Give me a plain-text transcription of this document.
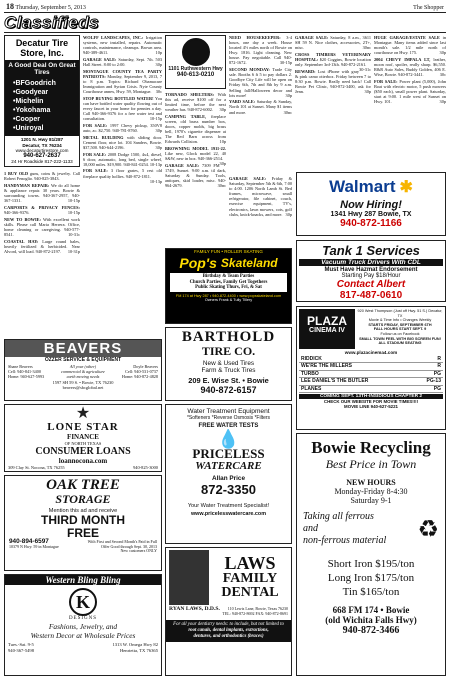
18 Thursday, September 5, 2013	The Shopper
Classifieds
Decatur Tire Store, Inc.
A Good Deal On Great Tires
•BFGoodrich
•Goodyear
•Michelin
•Yokohama
•Cooper
•Uniroyal
1201 N. Hwy 81/287
Decatur, TX 76234
www.decaturtirestore.com
940-627-2637
24 Hr Roadside 817-222-1133

1 BUY OLD guns, coins & jewelry. Call Robert Fenoglio. 940-825-3843.

HANDYMAN REPAIR: We do all home & appliance repair. 30 years. Bowie & surrounding towns. 940-367-2957, 940-367-1331.	10-15p

CARPORTS & PRIVACY FENCES: 940-366-9376.	10-15p

NEW TO BOWIE: With excellent work skills. Please call Maria Herrera. Office, home cleaning or caregiving. 940-577-8541.	10-31c

COASTAL HAY: Large round bales, heavily fertilized & herbicided. Near Alvord, will load. 940-872-2197. 10-31p

WOLFF LANDSCAPES, INC.: Irrigation systems, new installed, repairs. Automatic controls, maintenance, cleanups. Brown area. 940-389-4611.	10p

GARAGE SALE: Saturday, Sept. 7th. 503 Hall Street. 8:00 to 2:00.	30p

MONTAGUE COUNTY TEA PARTY PATRIOTS: Monday, September 9, 2013, 7 to 8 p.m. Topics: Richard Obamacare Immigration and Syrian Crisis. Nyte County Courthouse annex, Hwy. 59, Montague. 30c

STOP BUYING BOTTLED WATER! You can have bottled water quality flowing out of every faucet in your home for pennies a day. Call 940-366-9376 for a free water test and consultation.	10-15p

FOR SALE: 1997 Chevy pickup, 350V8 auto, ac. $2,750. 940-781-8760.	30p

METAL BUILDING with sliding door. Cement floor, nice lot. 104 Sanders, Bowie. $37,500. 940-644-2196.	30p

FOR SALE: 2008 Dodge 1500, 4x4, diesel, 6 door, automatic, long bed, single wheel, 18,000 miles. $19,900. 940-841-0254. 10-13p

FOR SALE: 3 floor grates, 5 rest old fireplace quality hollies. 940-872-1811.
10-13p

1101 Ruthwestern Hwy
940-613-0210

TORNADO SHELTERS: With this ad, receive $100 off for a limited time, before the next weather has. 940-872-6002. 30p

CAMPING TABLE, fireplace screen, old brass number box, doors, copper molds, big brass bell, 1970's cigarette dispenser at The Red Barn across from Edwards Collision.	10p

BROWNING MODEL 1911-22. Like new, Glock model 22, 40 S&W, new in box. 940-366-2514.
30p

GARAGE SALE: 7309 FM 1749, Sunset. 9:00 a.m. til dark, Saturday & Sunday. Tools, antiques, skid loader, misc. 940-964-2679.	30nc

NEED HOUSEKEEPER: 3-4 hours, one day a week. House located 4½ miles north of Bowie on Hwy. 1816. Light cleaning. New house. Pay negotiable. Call 940-872-1672.	30-15p

SECOND MONDAY: Trade City sale. Booths 6 ft 5 to pay dollars 2. Goodbye City Life will be open on Friday 6th, 7th and 8th by 9 a.m. Selling fall/Halloween decor and lots more!	30p

YARD SALE: Saturday & Sunday, North 101 at Sunset. Many $1 items and more.	30nc

GARAGE SALE: Friday & Saturday, September 5th & 6th, 7:00 to 4:00. 1206 North Lamb St. Bed frames, microwave, small refrigerator, file cabinet, couch, exercise equipment, TV's, electronics, lawn mowers, cots, golf clubs, knick-knacks, and more. 30p

GARAGE SALE: Saturday, 8 a.m., 3611 SH 59 N. Nice clothes, accessories, 2T+, misc.	30nc

CROSS TIMBERS VETERINARY HOSPITAL: $20 Coggins, Bowie location only. September 3rd-13th. 940-872-2161.
30-31c

REWARD: Lost iPhone with gray & pink camo otterbox. Friday between 7 to 8:30 p.m. Bowie. Really need back! Call Bowie Pet Clinic, 940-872-3400, ask for Jenn.	30p

HUGE GARAGE/ESTATE SALE in Montague. Many items added since last month's sale. 1/2 mile north of courthouse on Hwy. 175.	30p

2004 CHEVY IMPALA LT, leather, moon roof, spoiler, really sharp. $6,550. R&R Auto Sales, Buddy Golden, 406 E. Wise, Bowie. 940-872-3441.	30c

FOR SALE: Power plant (5,000), John Boat with electric motor, 5 push mowers ($50 each), small power plant. Saturday, start at 9:00. 1 mile west of Sunset on Hwy. 101.	30p

Walmart ✱
Now Hiring!
1341 Hwy 287 Bowie, TX
940-872-1166
Tank 1 Services
Vacuum Truck Drivers With CDL
Must Have Hazmat Endorsement
Starting Pay $18/Hour
Contact Albert
817-487-0610
FAMILY FUN • ROLLER SKATING
Pop's Skateland
Birthday & Team Parties
Church Parties, Family Get Togethers
Public Skating Thurs, Fri, & Sat
FM 174 at Hwy 287 • 940-872-4400 • www.popsskateland.com
Owners Frank & Tully Tillery
BARTHOLD
TIRE CO.
New & Used Tires
Farm & Truck Tires
209 E. Wise St. • Bowie
940-872-6157
PLAZA
CINEMA IV
920 West Thompson (Just off Hwy. 51 S.) Decatur, TX
Movie & Time Info • Changes Weekly
STARTS FRIDAY, SEPTEMBER 6TH
FALL HOURS START SEPT. 9
Follow us on Facebook
SMALL TOWN FEEL WITH BIG SCREEN FUN!
ALL STADIUM SEATING
www.plazacinema4.com
RIDDICK	R
WE'RE THE MILLERS	R
TURBO	PG
LEE DANIEL'S THE BUTLER	PG-13
PLANES	PG
COMING SEPT. 13TH-INSIDIOUS CHAPTER 2
CHECK OUR WEBSITE FOR MOVIE TIMES!!!!
MOVIE LINE 940-627-5221
BEAVERS
OZZER SERVICE & EQUIPMENT
Shane Beavers
Cell: 940-841-3400
Home: 940-627-5993
All your (other)
commercial & agriculture
earth moving needs
Doyle Beavers
Cell: 940-531-0737
Home: 940-872-4828
1597 SH 59 S. • Bowie, TX 76230
beavers@sbcglobal.net
★
LONE STAR
FINANCE
OF NORTH TEXAS
CONSUMER LOANS
loannocona.com
309 Clay St. Nocona, TX 76255	940-825-3000
OAK TREE
STORAGE
Mention this ad and receive
THIRD MONTH
FREE
940-894-6597
10379 N Hwy. 59 in Montague
With First and Second Month's Paid in Full
Offer Good through Sept. 30, 2013
New customers ONLY
Western Bling Bling
K
DESIGNS
Fashions, Jewelry, and
Western Decor at Wholesale Prices
Tues.-Sat. 9-5
940-367-5498
1313 W. Omega Hwy 82
Henrietta, TX 76365
Water Treatment Equipment
*Softeners *Reverse Osmosis *Filters
FREE WATER TESTS
💧
PRICELESS
WATERCARE
Allan Price
872-3350
Your Water Treatment Specialist!
www.pricelesswatercare.com
LAWS
FAMILY
DENTAL
RYAN LAWS, D.D.S.	110 Lewis Lane, Bowie, Texas 76230
TEL: 940-872-8692 FAX: 940-872-8691
For all your dentistry needs: to include, but not limited to
root canals, dental implants, extractions,
dentures, and orthodontics (braces)
Bowie Recycling
Best Price in Town
NEW HOURS
Monday-Friday 8-4:30
Saturday 9-1
Taking all ferrous
and
non-ferrous material	♻
Short Iron $195/ton
Long Iron $175/ton
Tin $165/ton
668 FM 174 • Bowie
(old Wichita Falls Hwy)
940-872-3466
